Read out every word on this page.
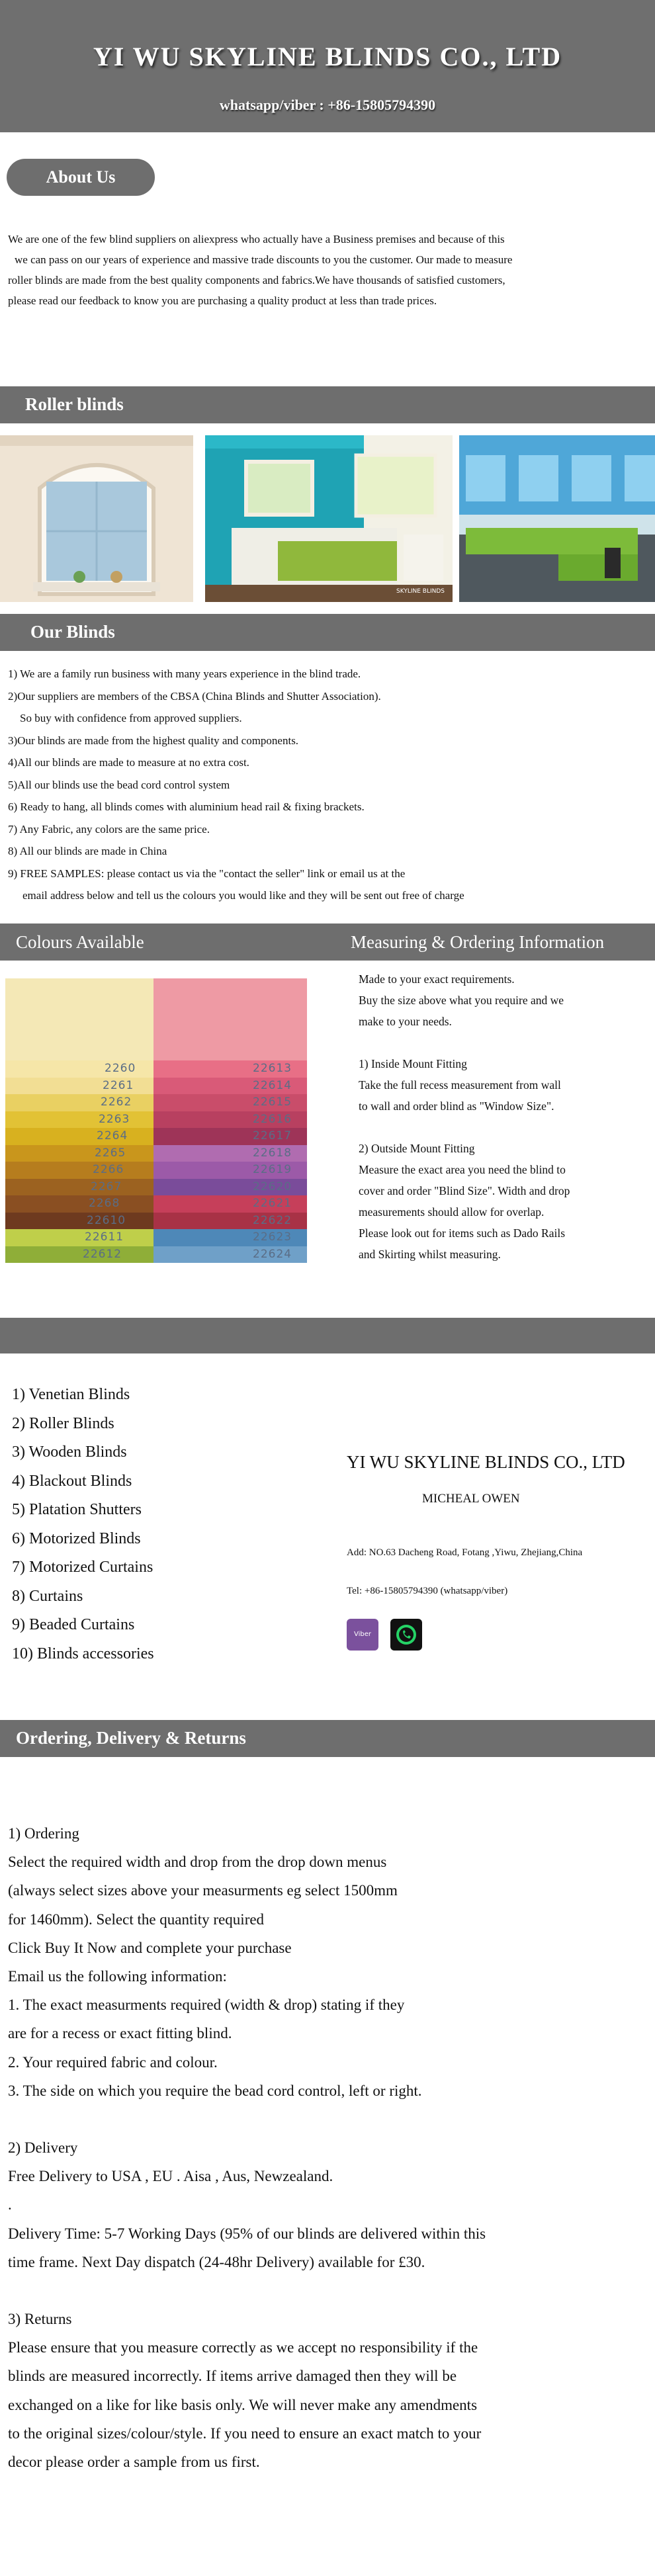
YI WU SKYLINE BLINDS CO., LTD
whatsapp/viber : +86-15805794390
About Us
We are one of the few blind suppliers on aliexpress who actually have a Business premises and because of this
we can pass on our years of experience and massive trade discounts to you the customer. Our made to measure
roller blinds are made from the best quality components and fabrics.We have thousands of satisfied customers,
please read our feedback to know you are purchasing a quality product at less than trade prices.
Roller blinds
SKYLINE BLINDS
Our Blinds
1) We are a family run business with many years experience in the blind trade.
2)Our suppliers are members of the CBSA (China Blinds and Shutter Association).
So buy with confidence from approved suppliers.
3)Our blinds are made from the highest quality and components.
4)All our blinds are made to measure at no extra cost.
5)All our blinds use the bead cord control system
6) Ready to hang, all blinds comes with aluminium head rail & fixing brackets.
7) Any Fabric, any colors are the same price.
8) All our blinds are made in China
9) FREE SAMPLES: please contact us via the "contact the seller" link or email us at the
email address below and tell us the colours you would like and they will be sent out free of charge
Colours Available	Measuring & Ordering Information
2260
2261
2262
2263
2264
2265
2266
2267
2268
22610
22611
22612
22613
22614
22615
22616
22617
22618
22619
22620
22621
22622
22623
22624
Made to your exact requirements.
Buy the size above what you require and we
make to your needs.
1) Inside Mount Fitting
Take the full recess measurement from wall
to wall and order blind as "Window Size".
2) Outside Mount Fitting
Measure the exact area you need the blind to
cover and order "Blind Size". Width and drop
measurements should allow for overlap.
Please look out for items such as Dado Rails
and Skirting whilst measuring.
1) Venetian Blinds
2) Roller Blinds
3) Wooden Blinds
4) Blackout Blinds
5) Platation Shutters
6) Motorized Blinds
7) Motorized Curtains
8) Curtains
9) Beaded Curtains
10) Blinds accessories
YI WU SKYLINE BLINDS CO., LTD
MICHEAL OWEN
Add: NO.63 Dacheng Road, Fotang ,Yiwu, Zhejiang,China
Tel: +86-15805794390 (whatsapp/viber)
Viber
Ordering, Delivery & Returns
1) Ordering
Select the required width and drop from the drop down menus
(always select sizes above your measurments eg select 1500mm
for 1460mm). Select the quantity required
Click Buy It Now and complete your purchase
Email us the following information:
1. The exact measurments required (width & drop) stating if they
are for a recess or exact fitting blind.
2. Your required fabric and colour.
3. The side on which you require the bead cord control, left or right.
2) Delivery
Free Delivery to USA , EU . Aisa , Aus, Newzealand.
.
Delivery Time: 5-7 Working Days (95% of our blinds are delivered within this
time frame. Next Day dispatch (24-48hr Delivery) available for £30.
3) Returns
Please ensure that you measure correctly as we accept no responsibility if the
blinds are measured incorrectly. If items arrive damaged then they will be
exchanged on a like for like basis only. We will never make any amendments
to the original sizes/colour/style. If you need to ensure an exact match to your
decor please order a sample from us first.
